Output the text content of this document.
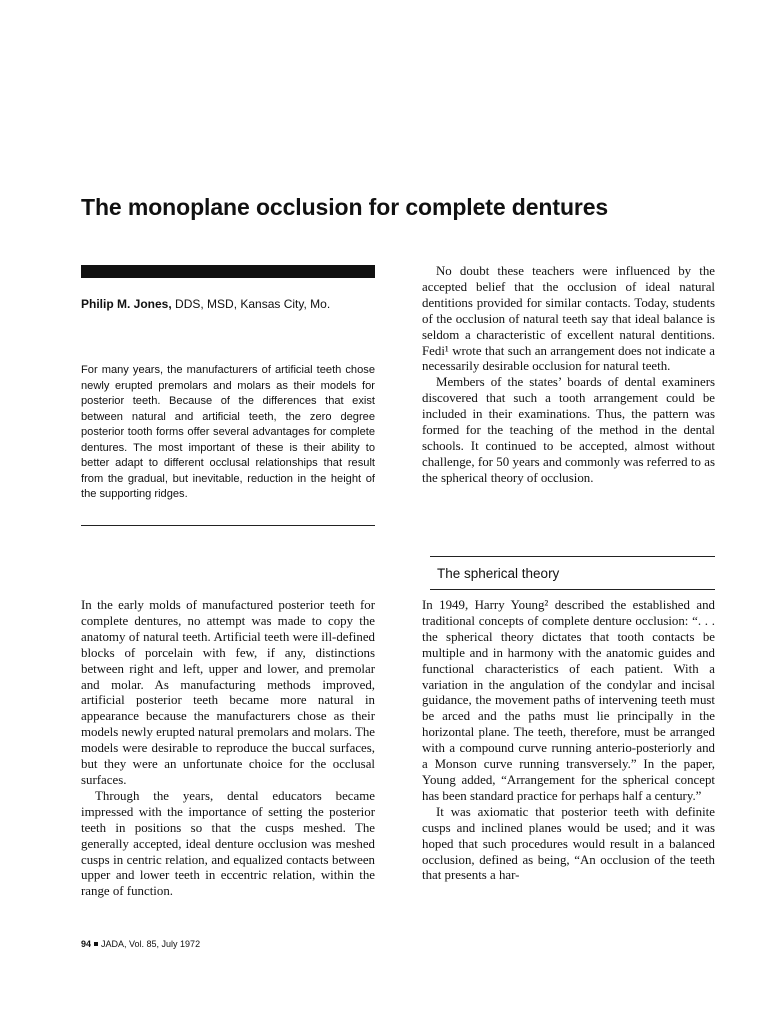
The monoplane occlusion for complete dentures
Philip M. Jones, DDS, MSD, Kansas City, Mo.

For many years, the manufacturers of artificial teeth chose newly erupted premolars and molars as their models for posterior teeth. Because of the differences that exist between natural and artificial teeth, the zero degree posterior tooth forms offer several advantages for complete dentures. The most important of these is their ability to better adapt to different occlusal relationships that result from the gradual, but inevitable, reduction in the height of the supporting ridges.

No doubt these teachers were influenced by the accepted belief that the occlusion of ideal natural dentitions provided for similar contacts. Today, students of the occlusion of natural teeth say that ideal balance is seldom a characteristic of excellent natural dentitions. Fedi¹ wrote that such an arrangement does not indicate a necessarily desirable occlusion for natural teeth.

Members of the states’ boards of dental examiners discovered that such a tooth arrangement could be included in their examinations. Thus, the pattern was formed for the teaching of the method in the dental schools. It continued to be accepted, almost without challenge, for 50 years and commonly was referred to as the spherical theory of occlusion.

The spherical theory

In the early molds of manufactured posterior teeth for complete dentures, no attempt was made to copy the anatomy of natural teeth. Artificial teeth were ill-defined blocks of porcelain with few, if any, distinctions between right and left, upper and lower, and premolar and molar. As manufacturing methods improved, artificial posterior teeth became more natural in appearance because the manufacturers chose as their models newly erupted natural premolars and molars. The models were desirable to reproduce the buccal surfaces, but they were an unfortunate choice for the occlusal surfaces.

Through the years, dental educators became impressed with the importance of setting the posterior teeth in positions so that the cusps meshed. The generally accepted, ideal denture occlusion was meshed cusps in centric relation, and equalized contacts between upper and lower teeth in eccentric relation, within the range of function.

In 1949, Harry Young² described the established and traditional concepts of complete denture occlusion: “. . . the spherical theory dictates that tooth contacts be multiple and in harmony with the anatomic guides and functional characteristics of each patient. With a variation in the angulation of the condylar and incisal guidance, the movement paths of intervening teeth must be arced and the paths must lie principally in the horizontal plane. The teeth, therefore, must be arranged with a compound curve running anterio-posteriorly and a Monson curve running transversely.” In the paper, Young added, “Arrangement for the spherical concept has been standard practice for perhaps half a century.”

It was axiomatic that posterior teeth with definite cusps and inclined planes would be used; and it was hoped that such procedures would result in a balanced occlusion, defined as being, “An occlusion of the teeth that presents a har-

94 JADA, Vol. 85, July 1972
